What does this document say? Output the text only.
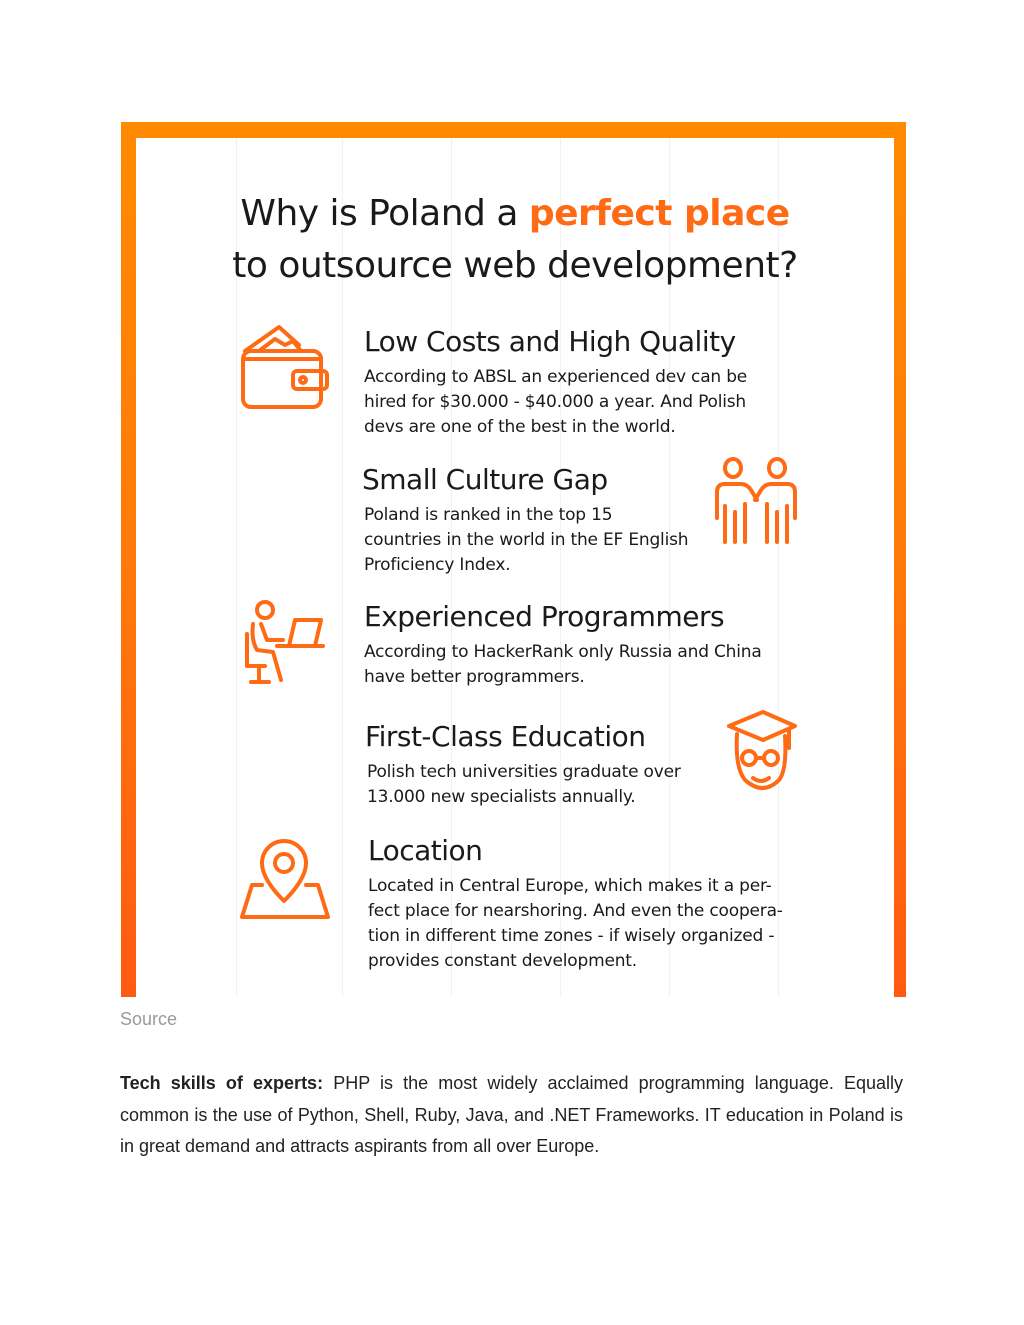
Why is Poland a perfect place
to outsource web development?
Low Costs and High Quality

According to ABSL an experienced dev can be
hired for $30.000 - $40.000 a year. And Polish
devs are one of the best in the world.

Small Culture Gap

Poland is ranked in the top 15
countries in the world in the EF English
Proficiency Index.

Experienced Programmers

According to HackerRank only Russia and China
have better programmers.

First-Class Education

Polish tech universities graduate over
13.000 new specialists annually.

Location

Located in Central Europe, which makes it a per-
fect place for nearshoring. And even the coopera-
tion in different time zones - if wisely organized -
provides constant development.

Source
Tech skills of experts: PHP is the most widely acclaimed programming language. Equally common is the use of Python, Shell, Ruby, Java, and .NET Frameworks. IT education in Poland is in great demand and attracts aspirants from all over Europe.
